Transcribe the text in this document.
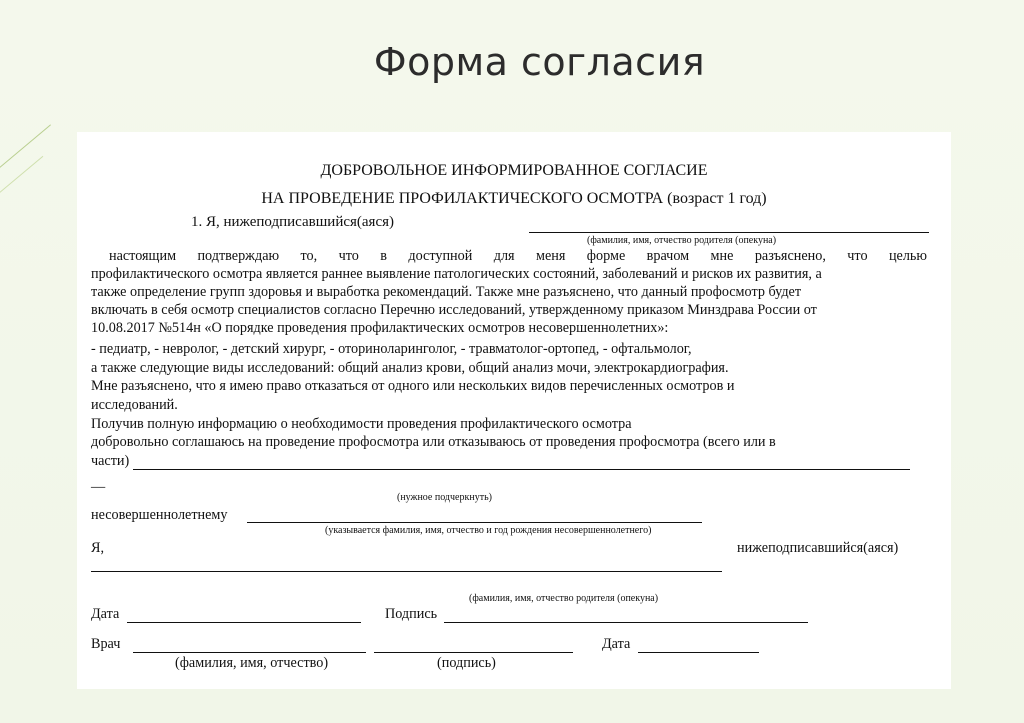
Форма согласия
ДОБРОВОЛЬНОЕ ИНФОРМИРОВАННОЕ СОГЛАСИЕ
НА ПРОВЕДЕНИЕ ПРОФИЛАКТИЧЕСКОГО ОСМОТРА (возраст 1 год)
1. Я, нижеподписавшийся(аяся)
(фамилия, имя, отчество родителя (опекуна)
настоящим подтверждаю то, что в доступной для меня форме врачом мне разъяснено, что целью
профилактического осмотра является раннее выявление патологических состояний, заболеваний и рисков их развития, а
также определение групп здоровья и выработка рекомендаций. Также мне разъяснено, что данный профосмотр будет
включать в себя осмотр специалистов согласно Перечню исследований, утвержденному приказом Минздрава России от
10.08.2017 №514н «О порядке проведения профилактических осмотров несовершеннолетних»:
- педиатр, - невролог, - детский хирург, - оториноларинголог, - травматолог-ортопед, - офтальмолог,
а также следующие виды исследований: общий анализ крови, общий анализ мочи, электрокардиография.
Мне разъяснено, что я имею право отказаться от одного или нескольких видов перечисленных осмотров и
исследований.
Получив полную информацию о необходимости проведения профилактического осмотра
добровольно соглашаюсь на проведение профосмотра или отказываюсь от проведения профосмотра (всего или в
части)
—
(нужное подчеркнуть)
несовершеннолетнему
(указывается фамилия, имя, отчество и год рождения несовершеннолетнего)
Я,	нижеподписавшийся(аяся)
(фамилия, имя, отчество родителя (опекуна)
Дата	Подпись
Врач	Дата
(фамилия, имя, отчество)	(подпись)
